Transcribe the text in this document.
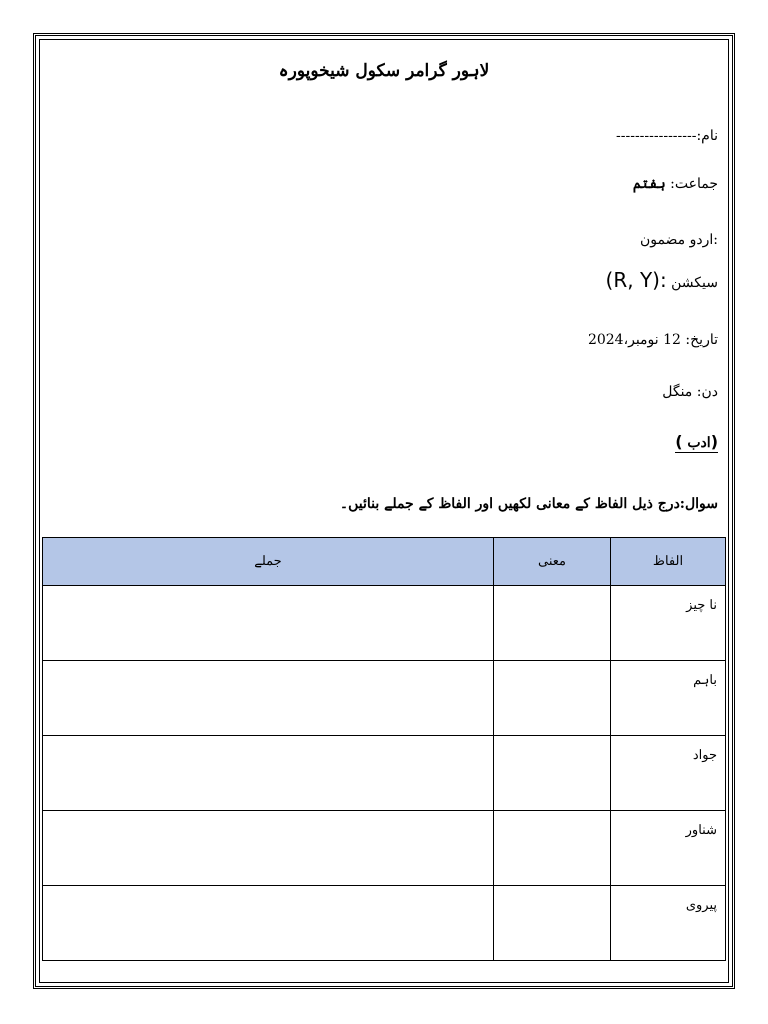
لاہور گرامر سکول شیخوپورہ
نام:-----------------
جماعت: ہفتم
:اردو مضمون
سیکشن (R, Y):
تاریخ: 12 نومبر،2024
دن: منگل
(ادب )
سوال:درج ذیل الفاظ کے معانی لکھیں اور الفاظ کے جملے بنائیں۔
الفاظ	معنی	جملے
نا چیز		
باہم		
جواد		
شناور		
پیروی		
